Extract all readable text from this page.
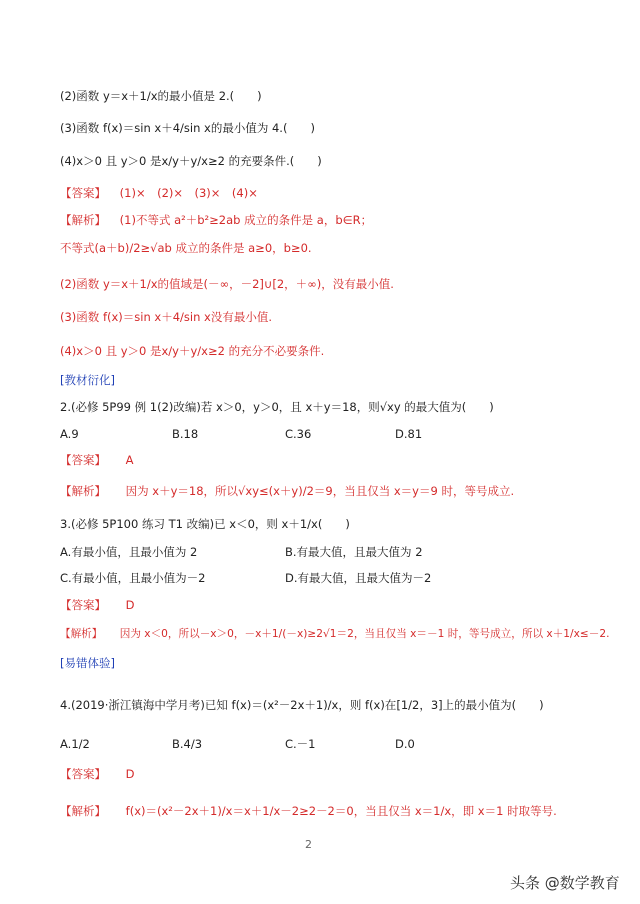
(2)函数 y＝x＋1/x的最小值是 2.(　　)
(3)函数 f(x)＝sin x＋4/sin x的最小值为 4.(　　)
(4)x＞0 且 y＞0 是x/y＋y/x≥2 的充要条件.(　　)
【答案】 (1)×　(2)×　(3)×　(4)×
【解析】 (1)不等式 a²＋b²≥2ab 成立的条件是 a，b∈R；
不等式(a＋b)/2≥√ab 成立的条件是 a≥0，b≥0.
(2)函数 y＝x＋1/x的值域是(－∞，－2]∪[2，＋∞)，没有最小值.
(3)函数 f(x)＝sin x＋4/sin x没有最小值.
(4)x＞0 且 y＞0 是x/y＋y/x≥2 的充分不必要条件.
[教材衍化]
2.(必修 5P99 例 1(2)改编)若 x＞0，y＞0，且 x＋y＝18，则√xy 的最大值为(　　)
A.9	B.18	C.36	D.81
【答案】 A
【解析】 因为 x＋y＝18，所以√xy≤(x＋y)/2＝9，当且仅当 x＝y＝9 时，等号成立.
3.(必修 5P100 练习 T1 改编)已 x＜0，则 x＋1/x(　　)
A.有最小值，且最小值为 2	B.有最大值，且最大值为 2
C.有最小值，且最小值为－2	D.有最大值，且最大值为－2
【答案】 D
【解析】 因为 x＜0，所以－x＞0，－x＋1/(－x)≥2√1＝2，当且仅当 x＝－1 时，等号成立，所以 x＋1/x≤－2.
[易错体验]
4.(2019·浙江镇海中学月考)已知 f(x)＝(x²－2x＋1)/x，则 f(x)在[1/2，3]上的最小值为(　　)
A.1/2	B.4/3	C.－1	D.0
【答案】 D
【解析】 f(x)＝(x²－2x＋1)/x＝x＋1/x－2≥2－2＝0，当且仅当 x＝1/x，即 x＝1 时取等号.
2
头条 @数学教育
